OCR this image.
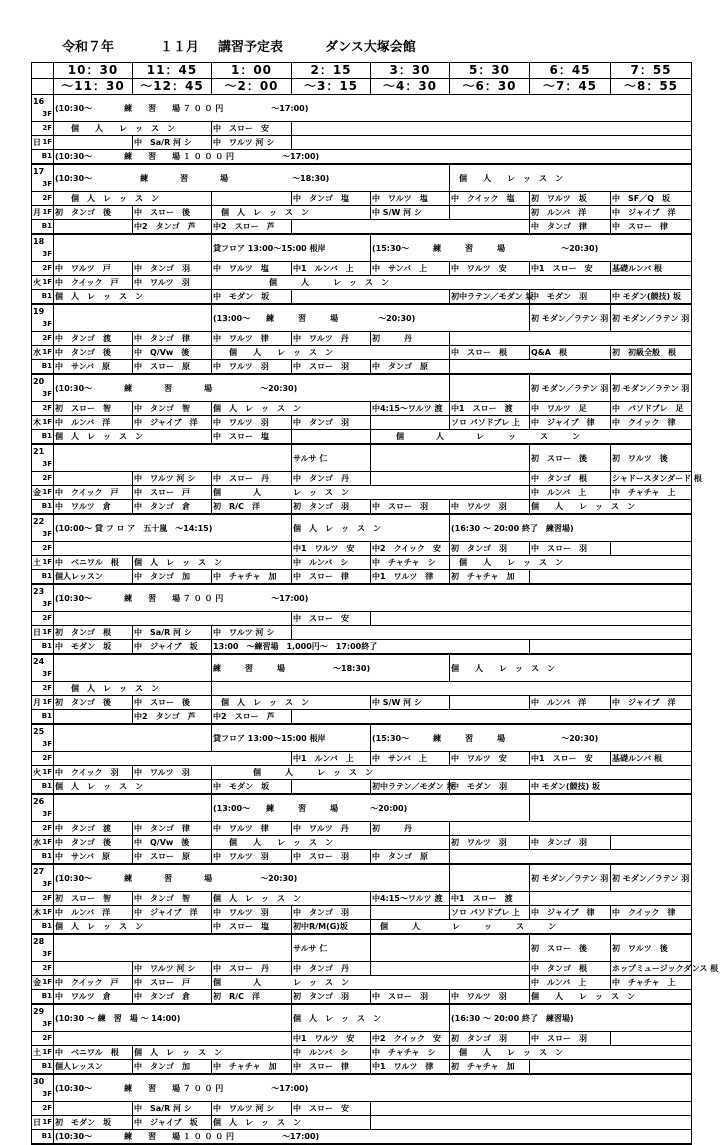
令和７年	１１月 講習予定表	ダンス大塚会館
	10：30	11：45	1：00	2：15	3：30	5：30	6：45	7：55
	～11：30	～12：45	～2：00	～3：15	～4：30	～6：30	～7：45	～8：55
16
3F	(10:30～　　　　練　　習　　場 ７ ０ ０ 円　　　　　　～17:00)							

2F	　　個　　人　　レ　ッ　ス　ン		中　スロー　安					
日 1F		中　Sa/R 河 シ	中　ワルツ 河 シ					

B1	(10:30～　　　　練　　習　　場 １ ０ ０ ０ 円　　　　　　～17:00)							
17
3F	(10:30～　　　　　　練　　　　習　　　　場　　　　　　　　～18:30)					　個　　人　　レ　ッ　ス　ン		

2F	　　個　人　レ　ッ　ス　ン			中　タンゴ　塩	中　ワルツ　塩	中　クイック　塩	初　ワルツ　坂	中　SF／Q　坂
月 1F	初　タンゴ　後	中　スロー　後	　個　人　レ　ッ　ス　ン		中 S/W 河 シ		初　ルンバ　洋	中　ジャイブ　洋

B1		中2　タンゴ　芦	中2　スロー　芦				中　タンゴ　律	中　スロー　律
18
3F			貸フロア 13:00～15:00 根岸		(15:30～　　　練　　　習　　　場　　　　　　　～20:30)			

2F	中　ワルツ　戸	中　タンゴ　羽	中　ワルツ　塩	中1　ルンバ　上	中　サンバ　上	中　ワルツ　安	中1　スロー　安	基礎ルンバ 根
火 1F	中　クイック　戸	中　ワルツ　羽	　　　　　　　個　　　人　　　レ　ッ　ス　ン					

B1	個　人　レ　ッ　ス　ン		中　モダン　坂			初中ラテン／モダン 坂	中　モダン　羽	中 モダン(競技) 坂
19
3F			(13:00～　　練　　　習　　　場　　　　　～20:30)				初 モダン／ラテン 羽	初 モダン／ラテン 羽

2F	中　タンゴ　渡	中　タンゴ　律	中　ワルツ　律	中　ワルツ　丹	初　　　丹			
水 1F	中　タンゴ　後	中　Q/Vw　後	　　個　　人　　レ　ッ　ス　ン			中　スロー　根	Q&A　根	初　初級全般　根

B1	中　サンバ　原	中　スロー　原	中　ワルツ　羽	中　スロー　羽	中　タンゴ　原			
20
3F	(10:30～　　　　練　　　　習　　　　場　　　　　　～20:30)						初 モダン／ラテン 羽	初 モダン／ラテン 羽

2F	初　スロー　智	中　タンゴ　智	個　人　レ　ッ　ス　ン		中4:15～ワルツ 渡	中1　スロー　渡	中　ワルツ　足	中　パソドブレ　足
木 1F	中　ルンバ　洋	中　ジャイブ　洋	中　ワルツ　羽	中　タンゴ　羽		ソロ パソドブレ 上	中　ジャイブ　律	中　クイック　律

B1	個　人　レ　ッ　ス　ン		中　スロー　塩		　　　個　　　　人　　　　レ　　　ッ　　　ス　　　ン			
21
3F				サルサ 仁			初　スロー　後	初　ワルツ　後

2F		中　ワルツ 河 シ	中　スロー　丹	中　タンゴ　丹			中　タンゴ　根	シャドースタンダード 根
金 1F	中　クイック　戸	中　スロー　戸	個　　　　人　　　　レ　ッ　ス　ン				中　ルンバ　上	中　チャチャ　上

B1	中　ワルツ　倉	中　タンゴ　倉	初　R/C　洋	初　タンゴ　羽	中　スロー　羽	中　ワルツ　羽	個　　人　　レ　ッ　ス　ン	
22
3F	(10:00～ 貸 フ ロ ア　五十嵐　～14:15)			個　人　レ　ッ　ス　ン		(16:30 ～ 20:00 終了　練習場)		

2F				中1　ワルツ　安	中2　クイック　安	初　タンゴ　羽	中　スロー　羽	
土 1F	中　ベニワル　根	個　人　レ　ッ　ス　ン		中　ルンバ　シ	中　チャチャ　シ	　個　　人　　レ　ッ　ス　ン		

B1	個人レッスン	中　タンゴ　加	中　チャチャ　加	中　スロー　律	中1　ワルツ　律	初　チャチャ　加		
23
3F	(10:30～　　　　練　　習　　場 ７ ０ ０ 円　　　　　　～17:00)							

2F				中　スロー　安				
日 1F	初　タンゴ　根	中　Sa/R 河 シ	中　ワルツ 河 シ					

B1	中　モダン　坂	中　ジャイブ　坂	13:00　～練習場　1,000円～　17:00終了					
24
3F			練　　　習　　　場　　　　　　～18:30)			個　　人　　レ　ッ　ス　ン		

2F	　　個　人　レ　ッ　ス　ン							
月 1F	初　タンゴ　後	中　スロー　後	　個　人　レ　ッ　ス　ン		中 S/W 河 シ		中　ルンバ　洋	中　ジャイブ　洋

B1		中2　タンゴ　芦	中2　スロー　芦					
25
3F			貸フロア 13:00～15:00 根岸		(15:30～　　　練　　　習　　　場　　　　　　　～20:30)			

2F				中1　ルンバ　上	中　サンバ　上	中　ワルツ　安	中1　スロー　安	基礎ルンバ 根
火 1F	中　クイック　羽	中　ワルツ　羽	　　　　　個　　　人　　　レ　ッ　ス　ン					

B1	個　人　レ　ッ　ス　ン		中　モダン　坂		初中ラテン／モダン 坂	中　モダン　羽	中 モダン(競技) 坂	
26
3F			(13:00～　　練　　　習　　　場　　　　～20:00)					

2F	中　タンゴ　渡	中　タンゴ　律	中　ワルツ　律	中　ワルツ　丹	初　　　丹			
水 1F	中　タンゴ　後	中　Q/Vw　後	　　個　　人　　レ　ッ　ス　ン			初　ワルツ　羽	中　タンゴ　羽	

B1	中　サンバ　原	中　スロー　原	中　ワルツ　羽	中　スロー　羽	中　タンゴ　原			
27
3F	(10:30～　　　　練　　　　習　　　　場　　　　　　～20:30)						初 モダン／ラテン 羽	初 モダン／ラテン 羽

2F	初　スロー　智	中　タンゴ　智	個　人　レ　ッ　ス　ン		中4:15～ワルツ 渡	中1　スロー　渡		
木 1F	中　ルンバ　洋	中　ジャイブ　洋	中　ワルツ　羽	中　タンゴ　羽		ソロ パソドブレ 上	中　ジャイブ　律	中　クイック　律

B1	個　人　レ　ッ　ス　ン		中　スロー　塩	初中R/M(G)坂	　個　　　人　　　　レ　　　ッ　　　ス　　　ン			
28
3F				サルサ 仁			初　スロー　後	初　ワルツ　後

2F		中　ワルツ 河 シ	中　スロー　丹	中　タンゴ　丹			中　タンゴ　根	ホップミュージックダンス 根
金 1F	中　クイック　戸	中　スロー　戸	個　　　　人　　　　レ　ッ　ス　ン				中　ルンバ　上	中　チャチャ　上

B1	中　ワルツ　倉	中　タンゴ　倉	初　R/C　洋	初　タンゴ　羽	中　スロー　羽	中　ワルツ　羽	個　　人　　レ　ッ　ス　ン	
29
3F	(10:30 ～ 練　習　場 ～ 14:00)			個　人　レ　ッ　ス　ン		(16:30 ～ 20:00 終了　練習場)		

2F				中1　ワルツ　安	中2　クイック　安	初　タンゴ　羽	中　スロー　羽	
土 1F	中　ベニワル　根	個　人　レ　ッ　ス　ン		中　ルンバ　シ	中　チャチャ　シ	　個　　人　　レ　ッ　ス　ン		

B1	個人レッスン	中　タンゴ　加	中　チャチャ　加	中　スロー　律	中1　ワルツ　律	初　チャチャ　加		
30
3F	(10:30～　　　　練　　習　　場 ７ ０ ０ 円　　　　　　～17:00)							

2F		中　Sa/R 河 シ	中　ワルツ 河 シ	中　スロー　安				
日 1F	初　モダン　坂	中　ジャイブ　坂	個　人　レ　ッ　ス　ン					

B1	(10:30～　　　　練　　習　　場 １ ０ ０ ０ 円　　　　　　～17:00)							
